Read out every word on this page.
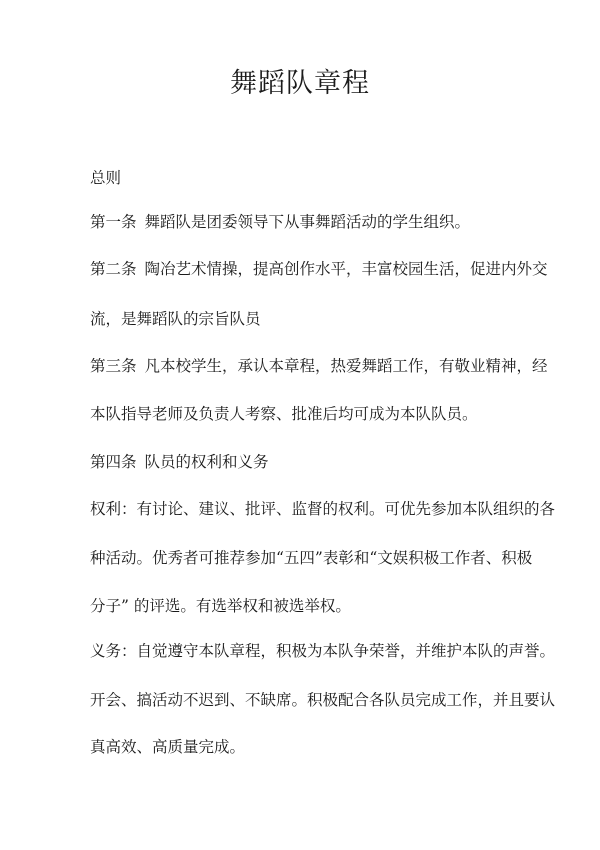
舞蹈队章程
总则
第一条 舞蹈队是团委领导下从事舞蹈活动的学生组织。
第二条 陶冶艺术情操，提高创作水平，丰富校园生活，促进内外交
流，是舞蹈队的宗旨队员
第三条 凡本校学生，承认本章程，热爱舞蹈工作，有敬业精神，经
本队指导老师及负责人考察、批准后均可成为本队队员。
第四条 队员的权利和义务
权利：有讨论、建议、批评、监督的权利。可优先参加本队组织的各
种活动。优秀者可推荐参加“五四”表彰和“文娱积极工作者、积极
分子” 的评选。有选举权和被选举权。
义务：自觉遵守本队章程，积极为本队争荣誉，并维护本队的声誉。
开会、搞活动不迟到、不缺席。积极配合各队员完成工作，并且要认
真高效、高质量完成。
